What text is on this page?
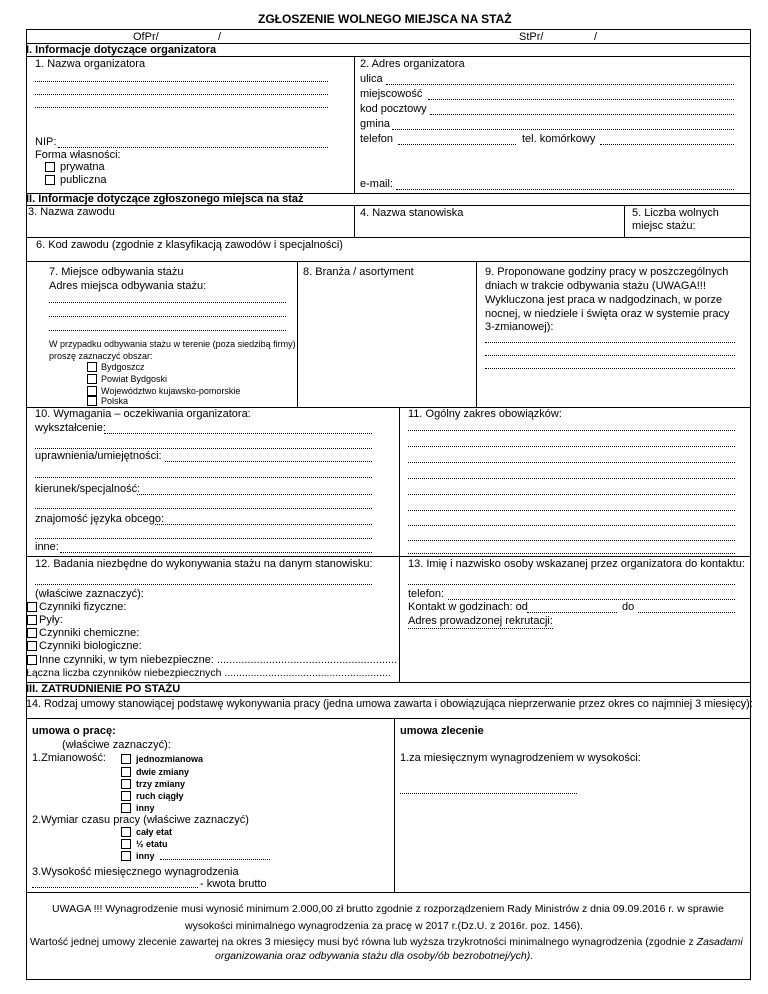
ZGŁOSZENIE WOLNEGO MIEJSCA NA STAŻ
OfPr/	/	StPr/	/
I. Informacje dotyczące organizatora
1. Nazwa organizatora
NIP:
Forma własności:
prywatna
publiczna
2. Adres organizatora
ulica
miejscowość
kod pocztowy
gmina
telefon	tel. komórkowy
e-mail:
II. Informacje dotyczące zgłoszonego miejsca na staż
3. Nazwa zawodu	4. Nazwa stanowiska	5. Liczba wolnych
miejsc stażu:
6. Kod zawodu (zgodnie z klasyfikacją zawodów i specjalności)
7. Miejsce odbywania stażu
Adres miejsca odbywania stażu:
W przypadku odbywania stażu w terenie (poza siedzibą firmy)
proszę zaznaczyć obszar:
Bydgoszcz
Powiat Bydgoski
Województwo kujawsko-pomorskie
Polska
8. Branża / asortyment	9. Proponowane godziny pracy w poszczególnych
dniach w trakcie odbywania stażu (UWAGA!!!
Wykluczona jest praca w nadgodzinach, w porze
nocnej, w niedziele i święta oraz w systemie pracy
3-zmianowej):
10. Wymagania – oczekiwania organizatora:
wykształcenie:
uprawnienia/umiejętności:
kierunek/specjalność:
znajomość języka obcego:
inne:
11. Ogólny zakres obowiązków:
12. Badania niezbędne do wykonywania stażu na danym stanowisku:
(właściwe zaznaczyć):
Czynniki fizyczne:
Pyły:
Czynniki chemiczne:
Czynniki biologiczne:
Inne czynniki, w tym niebezpieczne: ...........................................................
Łączna liczba czynników niebezpiecznych .........................................................
13. Imię i nazwisko osoby wskazanej przez organizatora do kontaktu:
telefon:
Kontakt w godzinach: od	do
Adres prowadzonej rekrutacji:
III. ZATRUDNIENIE PO STAŻU
14. Rodzaj umowy stanowiącej podstawę wykonywania pracy (jedna umowa zawarta i obowiązująca nieprzerwanie przez okres co najmniej 3 miesięcy):
umowa o pracę:
(właściwe zaznaczyć):
1.Zmianowość:	jednozmianowa
dwie zmiany
trzy zmiany
ruch ciągły
inny
2.Wymiar czasu pracy (właściwe zaznaczyć)
cały etat
½ etatu
inny
3.Wysokość miesięcznego wynagrodzenia
- kwota brutto
umowa zlecenie
1.za miesięcznym wynagrodzeniem w wysokości:
UWAGA !!! Wynagrodzenie musi wynosić minimum 2.000,00 zł brutto zgodnie z rozporządzeniem Rady Ministrów z dnia 09.09.2016 r. w sprawie
wysokości minimalnego wynagrodzenia za pracę w 2017 r.(Dz.U. z 2016r. poz. 1456).
Wartość jednej umowy zlecenie zawartej na okres 3 miesięcy musi być równa lub wyższa trzykrotności minimalnego wynagrodzenia (zgodnie z Zasadami
organizowania oraz odbywania stażu dla osoby/ób bezrobotnej/ych).
